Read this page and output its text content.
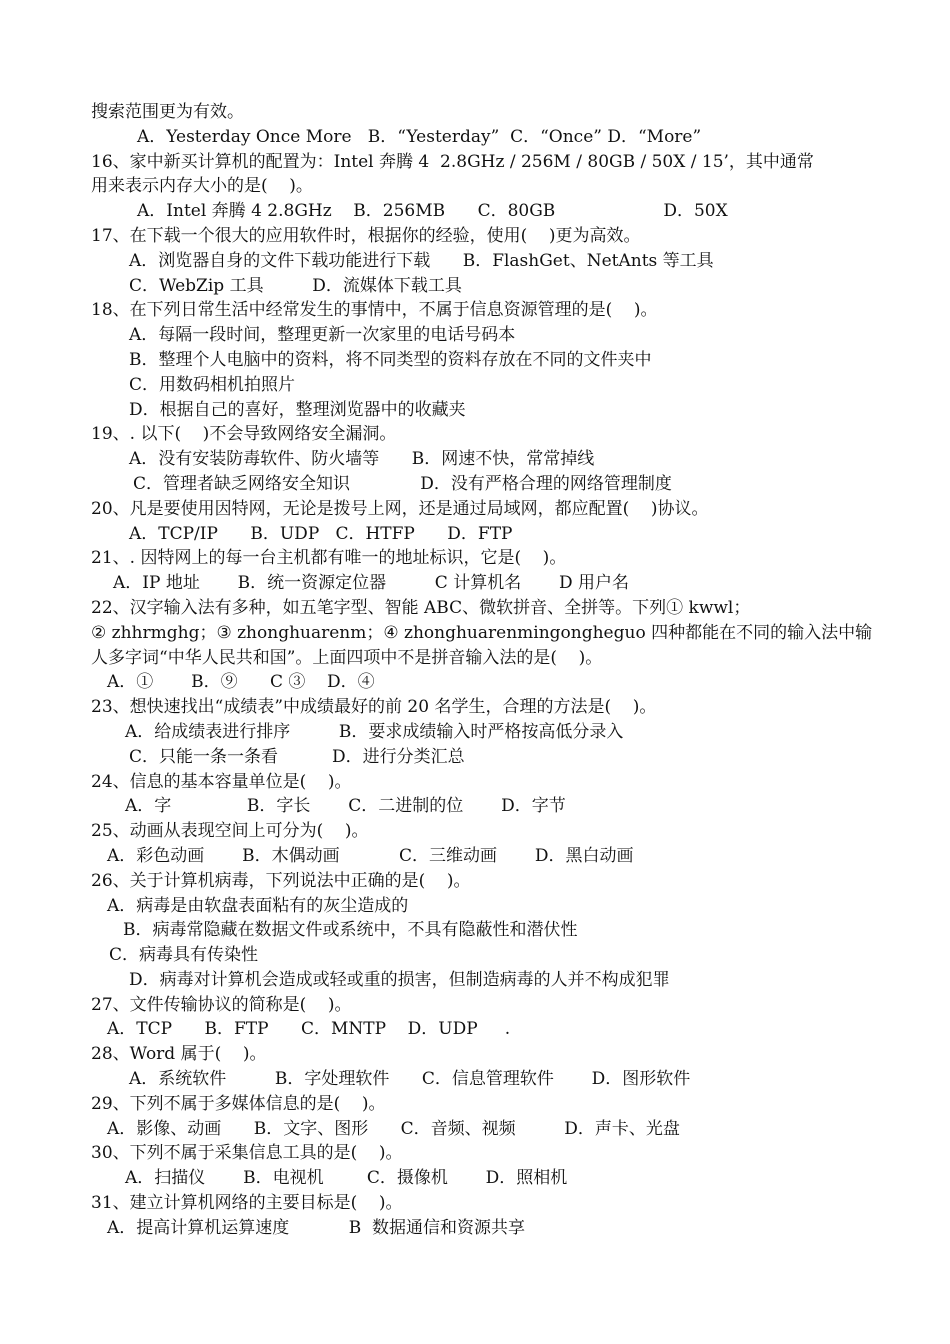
搜索范围更为有效。
A．Yesterday Once More   B．“Yesterday”  C．“Once” D．“More”
16、家中新买计算机的配置为：Intel 奔腾 4  2.8GHz / 256M / 80GB / 50X / 15’，其中通常
用来表示内存大小的是(    )。
A．Intel 奔腾 4 2.8GHz    B．256MB      C．80GB                    D．50X
17、在下载一个很大的应用软件时，根据你的经验，使用(    )更为高效。
A．浏览器自身的文件下载功能进行下载      B．FlashGet、NetAnts 等工具
C．WebZip 工具         D．流媒体下载工具
18、在下列日常生活中经常发生的事情中，不属于信息资源管理的是(    )。
A．每隔一段时间，整理更新一次家里的电话号码本
B．整理个人电脑中的资料，将不同类型的资料存放在不同的文件夹中
C．用数码相机拍照片
D．根据自己的喜好，整理浏览器中的收藏夹
19、. 以下(    )不会导致网络安全漏洞。
A．没有安装防毒软件、防火墙等      B．网速不快，常常掉线
C．管理者缺乏网络安全知识             D．没有严格合理的网络管理制度
20、凡是要使用因特网，无论是拨号上网，还是通过局域网，都应配置(    )协议。
A．TCP/IP      B．UDP   C．HTFP      D．FTP
21、. 因特网上的每一台主机都有唯一的地址标识，它是(    )。
A．IP 地址       B．统一资源定位器         C 计算机名       D 用户名
22、汉字输入法有多种，如五笔字型、智能 ABC、微软拼音、全拼等。下列① kwwl；
② zhhrmghg；③ zhonghuarenm；④ zhonghuarenmingongheguo 四种都能在不同的输入法中输
人多字词“中华人民共和国”。上面四项中不是拼音输入法的是(    )。
A．①       B．⑨      C ③    D．④
23、想快速找出“成绩表”中成绩最好的前 20 名学生，合理的方法是(    )。
A．给成绩表进行排序         B．要求成绩输入时严格按高低分录入
C．只能一条一条看          D．进行分类汇总
24、信息的基本容量单位是(    )。
A．字              B．字长       C．二进制的位       D．字节
25、动画从表现空间上可分为(    )。
A．彩色动画       B．木偶动画           C．三维动画       D．黑白动画
26、关于计算机病毒，下列说法中正确的是(    )。
A．病毒是由软盘表面粘有的灰尘造成的
B．病毒常隐藏在数据文件或系统中，不具有隐蔽性和潜伏性
C．病毒具有传染性
D．病毒对计算机会造成或轻或重的损害，但制造病毒的人并不构成犯罪
27、文件传输协议的简称是(    )。
A．TCP      B．FTP      C．MNTP    D．UDP     .
28、Word 属于(    )。
A．系统软件         B．字处理软件      C．信息管理软件       D．图形软件
29、下列不属于多媒体信息的是(    )。
A．影像、动画      B．文字、图形      C．音频、视频         D．声卡、光盘
30、下列不属于采集信息工具的是(    )。
A．扫描仪       B．电视机        C．摄像机       D．照相机
31、建立计算机网络的主要目标是(    )。
A．提高计算机运算速度           B  数据通信和资源共享
